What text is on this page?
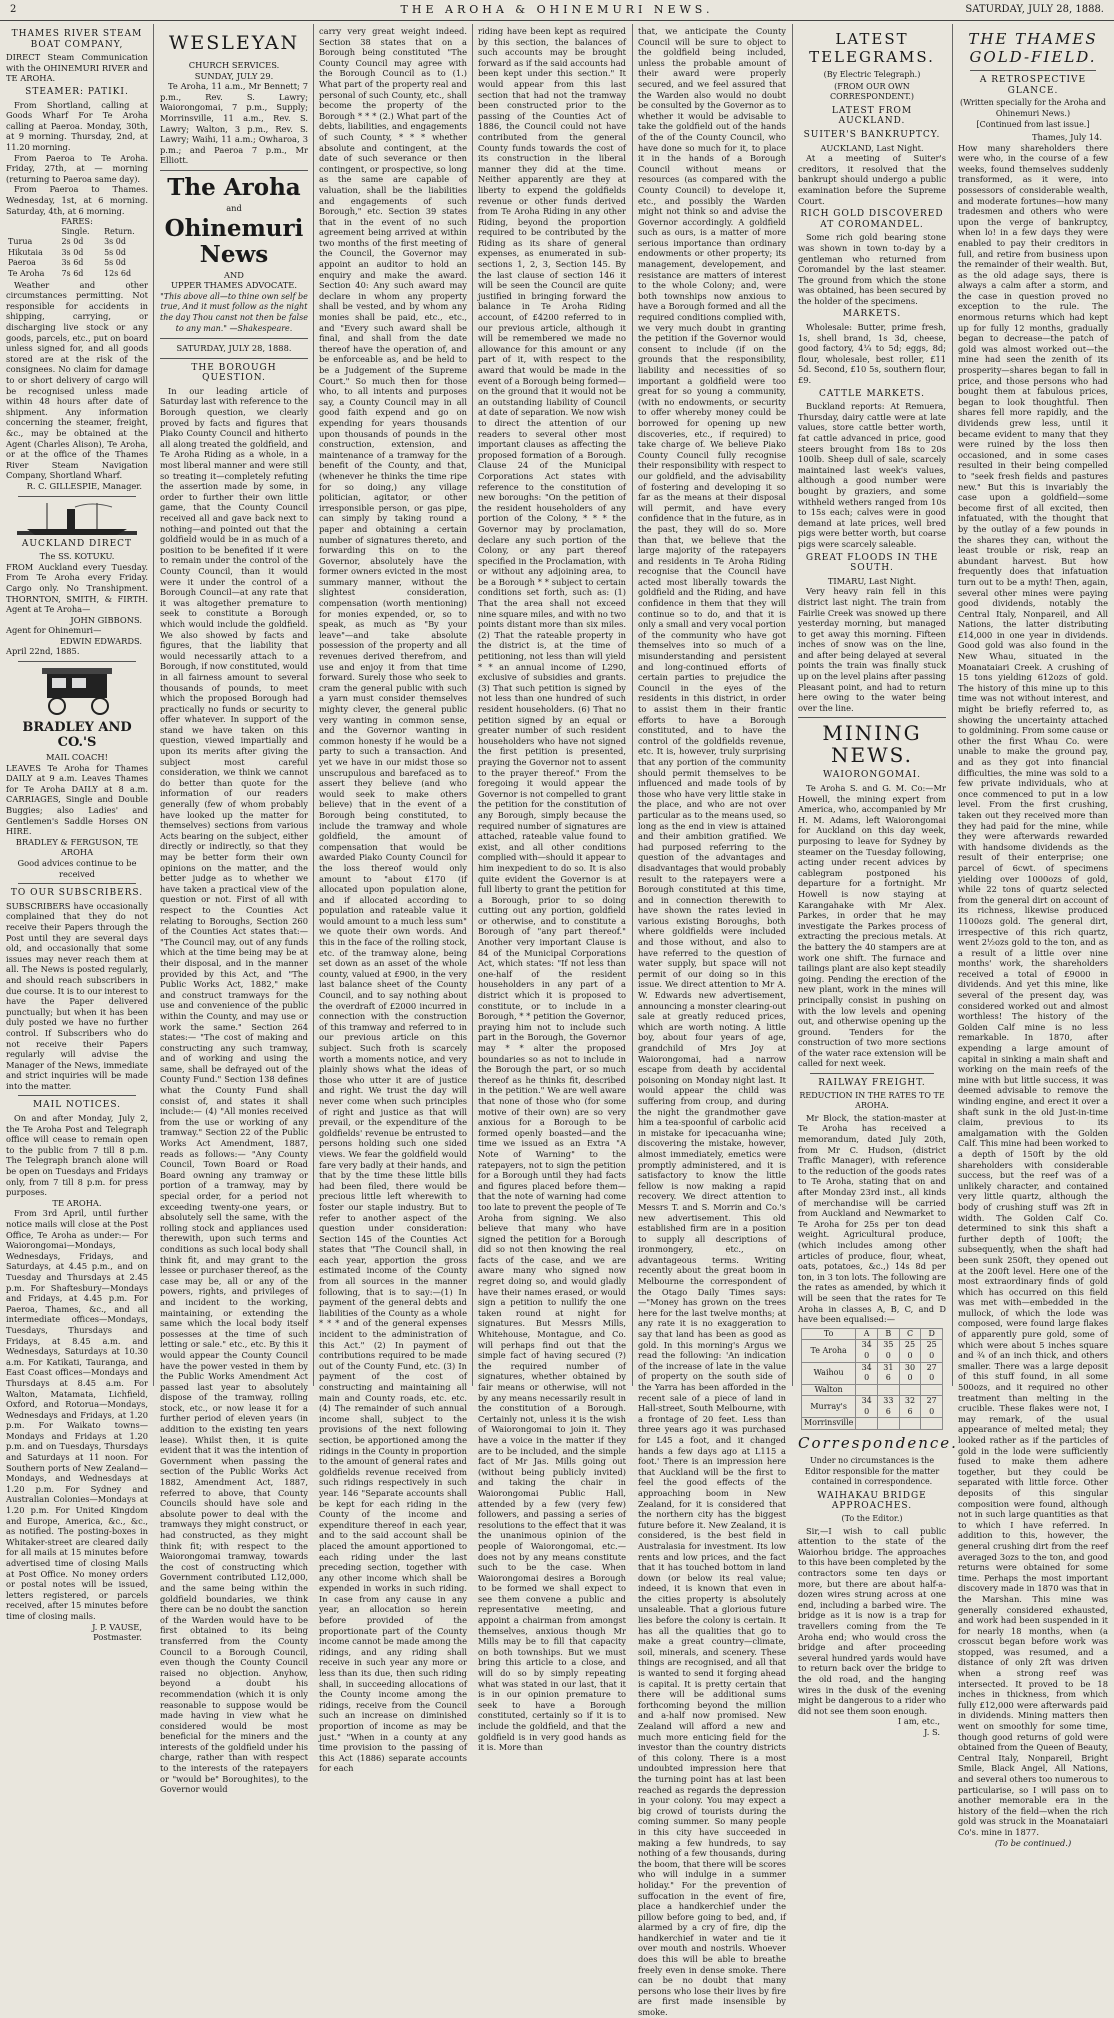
2	THE AROHA & OHINEMURI NEWS.	SATURDAY, JULY 28, 1888.
THAMES RIVER STEAM BOAT COMPANY,

DIRECT Steam Communication with the OHINEMURI RIVER and TE AROHA.

STEAMER: PATIKI.

From Shortland, calling at Goods Wharf For Te Aroha calling at Paeroa. Monday, 30th, at 9 morning. Thursday, 2nd, at 11.20 morning.

From Paeroa to Te Aroha. Friday, 27th, at — morning (returning to Paeroa same day).

From Paeroa to Thames. Wednesday, 1st, at 6 morning. Saturday, 4th, at 6 morning.

FARES:
	Single.	Return.
Turua	2s 0d	3s 0d
Hikutaia	3s 0d	5s 0d
Paeroa	3s 6d	5s 0d
Te Aroha	7s 6d	12s 6d

Weather and other circumstances permitting. Not responsible for accidents in shipping, carrying, or discharging live stock or any goods, parcels, etc., put on board unless signed for, and all goods stored are at the risk of the consignees. No claim for damage to or short delivery of cargo will be recognised unless made within 48 hours after date of shipment. Any information concerning the steamer, freight, &c., may be obtained at the Agent (Charles Alison), Te Aroha, or at the office of the Thames River Steam Navigation Company, Shortland Wharf.

R. C. GILLESPIE, Manager.
AUCKLAND DIRECT
The SS. KOTUKU.

FROM Auckland every Tuesday. From Te Aroha every Friday. Cargo only. No Transhipment. THORNTON, SMITH, & FIRTH. Agent at Te Aroha—

JOHN GIBBONS.
Agent for Ohinemuri—
EDWIN EDWARDS.
April 22nd, 1885.
BRADLEY AND CO.'S
MAIL COACH!

LEAVES Te Aroha for Thames DAILY at 9 a.m. Leaves Thames for Te Aroha DAILY at 8 a.m. CARRIAGES, Single and Double Buggies; also Ladies' and Gentlemen's Saddle Horses ON HIRE.

BRADLEY & FERGUSON, TE AROHA
Good advices continue to be received
TO OUR SUBSCRIBERS.

SUBSCRIBERS have occasionally complained that they do not receive their Papers through the Post until they are several days old, and occasionally that some issues may never reach them at all. The News is posted regularly, and should reach subscribers in due course. It is to our interest to have the Paper delivered punctually; but when it has been duly posted we have no further control. If Subscribers who do not receive their Papers regularly will advise the Manager of the News, immediate and strict inquiries will be made into the matter.

MAIL NOTICES.

On and after Monday, July 2, the Te Aroha Post and Telegraph office will cease to remain open to the public from 7 till 8 p.m. The Telegraph branch alone will be open on Tuesdays and Fridays only, from 7 till 8 p.m. for press purposes.

TE AROHA.

From 3rd April, until further notice mails will close at the Post Office, Te Aroha as under:— For Waiorongomai—Mondays, Wednesdays, Fridays, and Saturdays, at 4.45 p.m., and on Tuesday and Thursdays at 2.45 p.m. For Shaftesbury—Mondays and Fridays, at 4.45 p.m. For Paeroa, Thames, &c., and all intermediate offices—Mondays, Tuesdays, Thursdays and Fridays, at 8.45 a.m. and Wednesdays, Saturdays at 10.30 a.m. For Katikati, Tauranga, and East Coast offices—Mondays and Thursdays at 8.45 a.m. For Walton, Matamata, Lichfield, Oxford, and Rotorua—Mondays, Wednesdays and Fridays, at 1.20 p.m. For Waikato towns—Mondays and Fridays at 1.20 p.m. and on Tuesdays, Thursdays and Saturdays at 11 noon. For Southern ports of New Zealand—Mondays, and Wednesdays at 1.20 p.m. For Sydney and Australian Colonies—Mondays at 1.20 p.m. For United Kingdom and Europe, America, &c., &c., as notified. The posting-boxes in Whitaker-street are cleared daily for all mails at 15 minutes before advertised time of closing Mails at Post Office. No money orders or postal notes will be issued, letters registered, or parcels received, after 15 minutes before time of closing mails.

J. P. VAUSE,
Postmaster.
WESLEYAN
CHURCH SERVICES.
SUNDAY, JULY 29.

Te Aroha, 11 a.m., Mr Bennett; 7 p.m., Rev. S. Lawry; Waiorongomai, 7 p.m., Supply; Morrinsville, 11 a.m., Rev. S. Lawry; Walton, 3 p.m., Rev. S. Lawry; Waihi, 11 a.m.; Owharoa, 3 p.m.; and Paeroa 7 p.m., Mr Elliott.

The Aroha
and
Ohinemuri News
AND
UPPER THAMES ADVOCATE.
"This above all—to thine own self be true, And it must follow as the night the day Thou canst not then be false to any man." —Shakespeare.
SATURDAY, JULY 28, 1888.
THE BOROUGH QUESTION.

In our leading article of Saturday last with reference to the Borough question, we clearly proved by facts and figures that Piako County Council and hitherto all along treated the goldfield, and Te Aroha Riding as a whole, in a most liberal manner and were still so treating it—completely refuting the assertion made by some, in order to further their own little game, that the County Council received all and gave back next to nothing—and pointed out that the goldfield would be in as much of a position to be benefited if it were to remain under the control of the County Council, than it would were it under the control of a Borough Council—at any rate that it was altogether premature to seek to constitute a Borough which would include the goldfield. We also showed by facts and figures, that the liability that would necessarily attach to a Borough, if now constituted, would in all fairness amount to several thousands of pounds, to meet which the proposed Borough had practically no funds or security to offer whatever. In support of the stand we have taken on this question, viewed impartially and upon its merits after giving the subject most careful consideration, we think we cannot do better than quote for the information of our readers generally (few of whom probably have looked up the matter for themselves) sections from various Acts bearing on the subject, either directly or indirectly, so that they may be better form their own opinions on the matter, and the better judge as to whether we have taken a practical view of the question or not. First of all with respect to the Counties Act relating to Boroughs, Section 260 of the Counties Act states that:— "The Council may, out of any funds which at the time being may be at their disposal, and in the manner provided by this Act, and "The Public Works Act, 1882," make and construct tramways for the use and convenience of the public within the County, and may use or work the same." Section 264 states:— "The cost of making and constructing any such tramway, and of working and using the same, shall be defrayed out of the County Fund." Section 138 defines what the County Fund shall consist of, and states it shall include:— (4) "All monies received from the use or working of any tramway." Section 22 of the Public Works Act Amendment, 1887, reads as follows:— "Any County Council, Town Board or Road Board owning any tramway or portion of a tramway, may by special order, for a period not exceeding twenty-one years, or absolutely sell the same, with the rolling stock and appliances used therewith, upon such terms and conditions as such local body shall think fit, and may grant to the lessee or purchaser thereof, as the case may be, all or any of the powers, rights, and privileges of and incident to the working, maintaining, or extending the same which the local body itself possesses at the time of such letting or sale." etc., etc. By this it would appear the County Council have the power vested in them by the Public Works Amendment Act passed last year to absolutely dispose of the tramway, rolling stock, etc., or now lease it for a further period of eleven years (in addition to the existing ten years lease). Whilst then, it is quite evident that it was the intention of Government when passing the section of the Public Works Act 1882, Amendment Act, 1887, referred to above, that County Councils should have sole and absolute power to deal with the tramways they might construct, or had constructed, as they might think fit; with respect to the Waiorongomai tramway, towards the cost of constructing which Government contributed L12,000, and the same being within the goldfield boundaries, we think there can be no doubt the sanction of the Warden would have to be first obtained to its being transferred from the County Council to a Borough Council, even though the County Council raised no objection. Anyhow, beyond a doubt his recommendation (which it is only reasonable to suppose would be made having in view what he considered would be most beneficial for the miners and the interests of the goldfield under his charge, rather than with respect to the interests of the ratepayers or "would be" Boroughites), to the Governor would

carry very great weight indeed. Section 38 states that on a Borough being constituted "The County Council may agree with the Borough Council as to (1.) What part of the property real and personal of such County, etc., shall become the property of the Borough * * * (2.) What part of the debts, liabilities, and engagements of such County, * * * whether absolute and contingent, at the date of such severance or then contingent, or prospective, so long as the same are capable of valuation, shall be the liabilities and engagements of such Borough," etc. Section 39 states that in the event of no such agreement being arrived at within two months of the first meeting of the Council, the Governor may appoint an auditor to hold an enquiry and make the award. Section 40: Any such award may declare in whom any property shall be vested, and by whom any monies shall be paid, etc., etc., and "Every such award shall be final, and shall from the date thereof have the operation of, and be enforceable as, and be held to be a Judgement of the Supreme Court." So much then for those who, to all intents and purposes say, a County Council may in all good faith expend and go on expending for years thousands upon thousands of pounds in the construction, extension, and maintenance of a tramway for the benefit of the County, and that, (whenever he thinks the time ripe for so doing,) any village politician, agitator, or other irresponsible person, or gas pipe, can simply by taking round a paper and obtaining a certain number of signatures thereto, and forwarding this on to the Governor, absolutely have the former owners evicted in the most summary manner, without the slightest consideration, compensation (worth mentioning) for monies expended, or, so to speak, as much as "By your leave"—and take absolute possession of the property and all revenues derived therefrom, and use and enjoy it from that time forward. Surely those who seek to cram the general public with such a yarn must consider themselves mighty clever, the general public very wanting in common sense, and the Governor wanting in common honesty if he would be a party to such a transaction. And yet we have in our midst those so unscrupulous and barefaced as to assert they believe (and who would seek to make others believe) that in the event of a Borough being constituted, to include the tramway and whole goldfield, the amount of compensation that would be awarded Piako County Council for the loss thereof would only amount to "about £170 (if allocated upon population alone, and if allocated according to population and rateable value it would amount to a much less sum" we quote their own words. And this in the face of the rolling stock, etc. of the tramway alone, being set down as an asset of the whole county, valued at £900, in the very last balance sheet of the County Council, and to say nothing about the overdraft of £2000 incurred in connection with the construction of this tramway and referred to in our previous article on this subject. Such froth is scarcely worth a moments notice, and very plainly shows what the ideas of those who utter it are of justice and right. We trust the day will never come when such principles of right and justice as that will prevail, or the expenditure of the goldfields' revenue be entrusted to persons holding such one sided views. We fear the goldfield would fare very badly at their hands, and that by the time these little bills had been filed, there would be precious little left wherewith to foster our staple industry. But to refer to another aspect of the question under consideration: Section 145 of the Counties Act states that "The Council shall, in each year, apportion the gross estimated income of the County from all sources in the manner following, that is to say:—(1) In payment of the general debts and liabilities of the County as a whole * * * and of the general expenses incident to the administration of this Act." (2) In payment of contributions required to be made out of the County Fund, etc. (3) In payment of the cost of constructing and maintaining all main and County roads, etc. etc. (4) The remainder of such annual income shall, subject to the provisions of the next following section, be apportioned among the ridings in the County in proportion to the amount of general rates and goldfields revenue received from such ridings respectively in such year. 146 "Separate accounts shall be kept for each riding in the County of the income and expenditure thereof in each year, and to the said account shall be placed the amount apportioned to each riding under the last preceding section, together with any other income which shall be expended in works in such riding. In case from any cause in any year, an allocation so herein before provided of the proportionate part of the County income cannot be made among the ridings, and any riding shall receive in such year any more or less than its due, then such riding shall, in succeeding allocations of the County income among the ridings, receive from the Council such an increase on diminished proportion of income as may be just." "When in a county at any time provision to the passing of this Act (1886) separate accounts for each

riding have been kept as required by this section, the balances of such accounts may be brought forward as if the said accounts had been kept under this section." It would appear from this last section that had not the tramway been constructed prior to the passing of the Counties Act of 1886, the Council could not have contributed from the general County funds towards the cost of its construction in the liberal manner they did at the time. Neither apparently are they at liberty to expend the goldfields revenue or other funds derived from Te Aroha Riding in any other Riding, beyond the proportion required to be contributed by the Riding as its share of general expenses, as enumerated in sub-sections 1, 2, 3, Section 145. By the last clause of section 146 it will be seen the Council are quite justified in bringing forward the balance in Te Aroha Riding account, of £4200 referred to in our previous article, although it will be remembered we made no allowance for this amount or any part of it, with respect to the award that would be made in the event of a Borough being formed—on the ground that it would not be an outstanding liability of Council at date of separation. We now wish to direct the attention of our readers to several other most important clauses as affecting the proposed formation of a Borough. Clause 24 of the Municipal Corporations Act states with reference to the constitution of new boroughs: "On the petition of the resident householders of any portion of the Colony, * * * the Governor may by proclamation, declare any such portion of the Colony, or any part thereof specified in the Proclamation, with or without any adjoining area, to be a Borough * * subject to certain conditions set forth, such as: (1) That the area shall not exceed nine square miles, and with no two points distant more than six miles. (2) That the rateable property in the district is, at the time of petitioning, not less than will yield * * an annual income of L290, exclusive of subsidies and grants. (3) That such petition is signed by not less than one hundred of such resident householders. (6) That no petition signed by an equal or greater number of such resident householders who have not signed the first petition is presented, praying the Governor not to assent to the prayer thereof." From the foregoing it would appear the Governor is not compelled to grant the petition for the constitution of any Borough, simply because the required number of signatures are attached, rateable value found to exist, and all other conditions complied with—should it appear to him inexpedient to do so. It is also quite evident the Governor is at full liberty to grant the petition for a Borough, prior to so doing cutting out any portion, goldfield or otherwise, and to constitute a Borough of "any part thereof." Another very important Clause is 84 of the Municipal Corporations Act, which states: "If not less than one-half of the resident householders in any part of a district which it is proposed to constitute, or to include in a Borough, * * petition the Governor, praying him not to include such part in the Borough, the Governor may * * alter the proposed boundaries so as not to include in the Borough the part, or so much thereof as he thinks fit, described in the petition." We are well aware that none of those who (for some motive of their own) are so very anxious for a Borough to be formed openly boasted—and the time we issued as an Extra "A Note of Warning" to the ratepayers, not to sign the petition for a Borough until they had facts and figures placed before them—that the note of warning had come too late to prevent the people of Te Aroha from signing. We also believe that many who have signed the petition for a Borough did so not then knowing the real facts of the case, and we are aware many who signed now regret doing so, and would gladly have their names erased, or would sign a petition to nullify the one taken round at night for signatures. But Messrs Mills, Whitehouse, Montague, and Co. will perhaps find out that the simple fact of having secured (?) the required number of signatures, whether obtained by fair means or otherwise, will not by any means necessarily result in the constitution of a Borough. Certainly not, unless it is the wish of Waiorongomai to join it. They have a voice in the matter if they are to be included, and the simple fact of Mr Jas. Mills going out (without being publicly invited) and taking the chair in Waiorongomai Public Hall, attended by a few (very few) followers, and passing a series of resolutions to the effect that it was the unanimous opinion of the people of Waiorongomai, etc.—does not by any means constitute such to be the case. When Waiorongomai desires a Borough to be formed we shall expect to see them convene a public and representative meeting, and appoint a chairman from amongst themselves, anxious though Mr Mills may be to fill that capacity on both townships. But we must bring this article to a close, and will do so by simply repeating what was stated in our last, that it is in our opinion premature to seek to have a Borough constituted, certainly so if it is to include the goldfield, and that the goldfield is in very good hands as it is. More than

that, we anticipate the County Council will be sure to object to the goldfield being included, unless the probable amount of their award were properly secured, and we feel assured that the Warden also would no doubt be consulted by the Governor as to whether it would be advisable to take the goldfield out of the hands of the of the County Council, who have done so much for it, to place it in the hands of a Borough Council without means or resources (as compared with the County Council) to develope it, etc., and possibly the Warden might not think so and advise the Governor accordingly. A goldfield such as ours, is a matter of more serious importance than ordinary endowments or other property; its management, developement, and resistance are matters of interest to the whole Colony; and, were both townships now anxious to have a Borough formed and all the required conditions complied with, we very much doubt in granting the petition if the Governor would consent to include (if on the grounds that the responsibility, liability and necessities of so important a goldfield were too great for so young a community, (with no endowments, or security to offer whereby money could be borrowed for opening up new discoveries, etc., if required) to take charge of. We believe Piako County Council fully recognise their responsibility with respect to our goldfield, and the advisability of fostering and developing it so far as the means at their disposal will permit, and have every confidence that in the future, as in the past, they will do so. More than that, we believe that the large majority of the ratepayers and residents in Te Aroha Riding recognise that the Council have acted most liberally towards the goldfield and the Riding, and have confidence in them that they will continue so to do, and that it is only a small and very vocal portion of the community who have got themselves into so much of a misunderstanding and persistent and long-continued efforts of certain parties to prejudice the Council in the eyes of the residents in this district, in order to assist them in their frantic efforts to have a Borough constituted, and to have the control of the goldfields revenue, etc. It is, however, truly surprising that any portion of the community should permit themselves to be influenced and made tools of by those who have very little stake in the place, and who are not over particular as to the means used, so long as the end in view is attained and their ambition gratified. We had purposed referring to the question of the advantages and disadvantages that would probably result to the ratepayers were a Borough constituted at this time, and in connection therewith to have shown the rates levied in various existing Boroughs, both where goldfields were included and those without, and also to have referred to the question of water supply, but space will not permit of our doing so in this issue. We direct attention to Mr A. W. Edwards new advertisement, announcing a monster clearing-out sale at greatly reduced prices, which are worth noting. A little boy, about four years of age, grandchild of Mrs Joy at Waiorongomai, had a narrow escape from death by accidental poisoning on Monday night last. It would appear the child was suffering from croup, and during the night the grandmother gave him a tea-spoonful of carbolic acid in mistake for ipecacuanha wine; discovering the mistake, however, almost immediately, emetics were promptly administered, and it is satisfactory to know the little fellow is now making a rapid recovery. We direct attention to Messrs T. and S. Morrin and Co.'s new advertisement. This old established firm are in a position to supply all descriptions of ironmongery, etc., on advantageous terms. Writing recently about the great boom in Melbourne the correspondent of the Otago Daily Times says:—"Money has grown on the trees here for the last twelve months; at any rate it is no exaggeration to say that land has been as good as gold. In this morning's Argus we read the following: 'An indication of the increase of late in the value of property on the south side of the Yarra has been afforded in the recent sale of a piece of land in Hall-street, South Melbourne, with a frontage of 20 feet. Less than three years ago it was purchased for L45 a foot, and it changed hands a few days ago at L115 a foot.' There is an impression here that Auckland will be the first to feel the good effects of the approaching boom in New Zealand, for it is considered that the northern city has the biggest future before it. New Zealand, it is considered, is the best field in Australasia for investment. Its low rents and low prices, and the fact that it has touched bottom in land down (or below its real value; indeed, it is known that even in the cities property is absolutely unsaleable. That a glorious future lies before the colony is certain. It has all the qualities that go to make a great country—climate, soil, minerals, and scenery. These things are recognised, and all that is wanted to send it forging ahead is capital. It is pretty certain that there will be additional sums forthcoming beyond the million and a-half now promised. New Zealand will afford a new and much more enticing field for the investor than the country districts of this colony. There is a most undoubted impression here that the turning point has at last been reached as regards the depression in your colony. You may expect a big crowd of tourists during the coming summer. So many people in this city have succeeded in making a few hundreds, to say nothing of a few thousands, during the boom, that there will be scores who will indulge in a summer holiday." For the prevention of suffocation in the event of fire, place a handkerchief under the pillow before going to bed, and, if alarmed by a cry of fire, dip the handkerchief in water and tie it over mouth and nostrils. Whoever does this will be able to breathe freely even in dense smoke. There can be no doubt that many persons who lose their lives by fire are first made insensible by smoke.

LATEST TELEGRAMS.
(By Electric Telegraph.)
(FROM OUR OWN CORRESPONDENT.)
LATEST FROM AUCKLAND.
SUITER'S BANKRUPTCY.
AUCKLAND, Last Night.

At a meeting of Suiter's creditors, it resolved that the bankrupt should undergo a public examination before the Supreme Court.

RICH GOLD DISCOVERED AT COROMANDEL.

Some rich gold bearing stone was shown in town to-day by a gentleman who returned from Coromandel by the last steamer. The ground from which the stone was obtained, has been secured by the holder of the specimens.

MARKETS.

Wholesale: Butter, prime fresh, 1s, shell brand, 1s 3d, cheese, good factory, 4¼ to 5d; eggs, 8d; flour, wholesale, best roller, £11 5d. Second, £10 5s, southern flour, £9.

CATTLE MARKETS.

Buckland reports: At Remuera, Thursday, dairy cattle were at late values, store cattle better worth, fat cattle advanced in price, good steers brought from 18s to 20s 100lb. Sheep dull of sale, scarcely maintained last week's values, although a good number were bought by graziers, and some withheld wethers ranged from 10s to 15s each; calves were in good demand at late prices, well bred pigs were better worth, but coarse pigs were scarcely saleable.

GREAT FLOODS IN THE SOUTH.
TIMARU, Last Night.

Very heavy rain fell in this district last night. The train from Fairlie Creek was snowed up there yesterday morning, but managed to get away this morning. Fifteen inches of snow was on the line, and after being delayed at several points the train was finally stuck up on the level plains after passing Pleasant point, and had to return here owing to the water being over the line.

MINING NEWS.
WAIORONGOMAI.

Te Aroha S. and G. M. Co:—Mr Howell, the mining expert from America, who, accompanied by Mr H. M. Adams, left Waiorongomai for Auckland on this day week, purposing to leave for Sydney by steamer on the Tuesday following, acting under recent advices by cablegram postponed his departure for a fortnight. Mr Howell is now staying at Karangahake with Mr Alex. Parkes, in order that he may investigate the Parkes process of extracting the precious metals. At the battery the 40 stampers are at work one shift. The furnace and tailings plant are also kept steadily going. Pending the erection of the new plant, work in the mines will principally consist in pushing on with the low levels and opening out, and otherwise opening up the ground. Tenders for the construction of two more sections of the water race extension will be called for next week.

RAILWAY FREIGHT.
REDUCTION IN THE RATES TO TE AROHA.

Mr Block, the station-master at Te Aroha has received a memorandum, dated July 20th, from Mr C. Hudson, (district Traffic Manager), with reference to the reduction of the goods rates to Te Aroha, stating that on and after Monday 23rd inst., all kinds of merchandise will be carried from Auckland and Newmarket to Te Aroha for 25s per ton dead weight. Agricultural produce, (which includes among other articles of produce, flour, wheat, oats, potatoes, &c.,) 14s 8d per ton, in 3 ton lots. The following are the rates as amended, by which it will be seen that the rates for Te Aroha in classes A, B, C, and D have been equalised:—

To	A	B	C	D
Te Aroha	34 0	35 0	25 0	25 0
Waihou	34 0	31 6	30 0	27 0
Walton				
Murray's	34 0	33 6	32 6	27 0
Morrinsville				
Correspondence.
Under no circumstances is the Editor responsible for the matter contained in correspondence.
WAIHAKAU BRIDGE APPROACHES.
(To the Editor.)

Sir,—I wish to call public attention to the state of the Waiorhou bridge. The approaches to this have been completed by the contractors some ten days or more, but there are about half-a-dozen wires strung across at one end, including a barbed wire. The bridge as it is now is a trap for travellers coming from the Te Aroha end; who would cross the bridge and after proceeding several hundred yards would have to return back over the bridge to the old road, and the hanging wires in the dusk of the evening might be dangerous to a rider who did not see them soon enough.

I am, etc.,
J. S.
THE THAMES GOLD-FIELD.
A RETROSPECTIVE GLANCE.
(Written specially for the Aroha and Ohinemuri News.)
[Continued from last issue.]
Thames, July 14.

How many shareholders there were who, in the course of a few weeks, found themselves suddenly transformed, as it were, into possessors of considerable wealth, and moderate fortunes—how many tradesmen and others who were upon the verge of bankruptcy, when lo! in a few days they were enabled to pay their creditors in full, and retire from business upon the remainder of their wealth. But, as the old adage says, there is always a calm after a storm, and the case in question proved no exception to the rule. The enormous returns which had kept up for fully 12 months, gradually began to decrease—the patch of gold was almost worked out—the mine had seen the zenith of its prosperity—shares began to fall in price, and those persons who had bought them at fabulous prices, began to look thoughtful. Then shares fell more rapidly, and the dividends grew less, until it became evident to many that they were ruined by the loss then occasioned, and in some cases resulted in their being compelled to "seek fresh fields and pastures new." But this is invariably the case upon a goldfield—some become first of all excited, then infatuated, with the thought that by the outlay of a few pounds in the shares they can, without the least trouble or risk, reap an abundant harvest. But how frequently does that infatuation turn out to be a myth! Then, again, several other mines were paying good dividends, notably the Central Italy, Nonpareil, and All Nations, the latter distributing £14,000 in one year in dividends. Good gold was also found in the New Whau, situated in the Moanataiari Creek. A crushing of 15 tons yielding 612ozs of gold. The history of this mine up to this time was not without interest, and might be briefly referred to, as showing the uncertainty attached to goldmining. From some cause or other the first Whau Co. were unable to make the ground pay, and as they got into financial difficulties, the mine was sold to a few private individuals, who at once commenced to put in a low level. From the first crushing, taken out they received more than they had paid for the mine, while they were afterwards rewarded with handsome dividends as the result of their enterprise; one parcel of 6cwt. of specimens yielding over 1000ozs of gold, while 22 tons of quartz selected from the general dirt on account of its richness, likewise produced 1100ozs gold. The general dirt, irrespective of this rich quartz, went 2½ozs gold to the ton, and as a result of a little over nine months' work, the shareholders received a total of £9000 in dividends. And yet this mine, like several of the present day, was considered worked out and almost worthless! The history of the Golden Calf mine is no less remarkable. In 1870, after expending a large amount of capital in sinking a main shaft and working on the main reefs of the mine with but little success, it was deemed advisable to remove the winding engine, and erect it over a shaft sunk in the old Just-in-time claim, previous to its amalgamation with the Golden Calf. This mine had been worked to a depth of 150ft by the old shareholders with considerable success, but the reef was of a unlikely character, and contained very little quartz, although the body of crushing stuff was 2ft in width. The Golden Calf Co. determined to sink this shaft a further depth of 100ft; the subsequently, when the shaft had been sunk 250ft, they opened out at the 200ft level. Here one of the most extraordinary finds of gold which has occurred on this field was met with—embedded in the mullock, of which the lode was composed, were found large flakes of apparently pure gold, some of which were about 5 inches square and ¾ of an inch thick, and others smaller. There was a large deposit of this stuff found, in all some 500ozs, and it required no other treatment than melting in the crucible. These flakes were not, I may remark, of the usual appearance of melted metal; they looked rather as if the particles of gold in the lode were sufficiently fused to make them adhere together, but they could be separated with little force. Other deposits of this singular composition were found, although not in such large quantities as that to which I have referred. In addition to this, however, the general crushing dirt from the reef averaged 3ozs to the ton, and good returns were obtained for some time. Perhaps the most important discovery made in 1870 was that in the Marshan. This mine was generally considered exhausted, and work had been suspended in it for nearly 18 months, when (a crosscut began before work was stopped, was resumed, and a distance of only 2ft was driven when a strong reef was intersected. It proved to be 18 inches in thickness, from which fully £12,000 were afterwards paid in dividends. Mining matters then went on smoothly for some time, though good returns of gold were obtained from the Queen of Beauty, Central Italy, Nonpareil, Bright Smile, Black Angel, All Nations, and several others too numerous to particularise, so I will pass on to another memorable era in the history of the field—when the rich gold was struck in the Moanataiari Co's. mine in 1877.

(To be continued.)
